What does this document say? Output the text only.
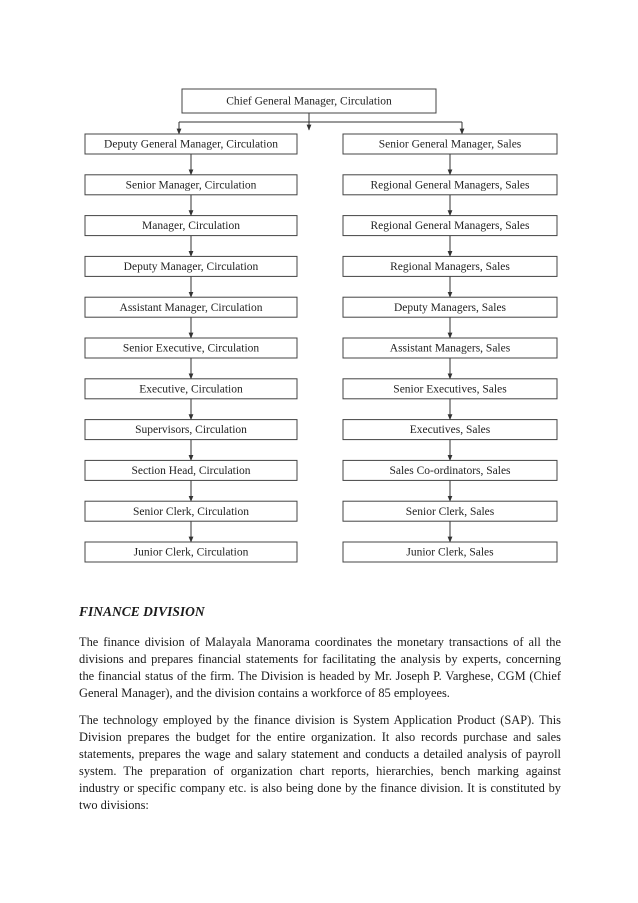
Chief General Manager, Circulation
Deputy General Manager, Circulation
Senior Manager, Circulation
Manager, Circulation
Deputy Manager, Circulation
Assistant Manager, Circulation
Senior Executive, Circulation
Executive, Circulation
Supervisors, Circulation
Section Head, Circulation
Senior Clerk, Circulation
Junior Clerk, Circulation
Senior General Manager, Sales
Regional General Managers, Sales
Regional General Managers, Sales
Regional Managers, Sales
Deputy Managers, Sales
Assistant Managers, Sales
Senior Executives, Sales
Executives, Sales
Sales Co-ordinators, Sales
Senior Clerk, Sales
Junior Clerk, Sales
FINANCE DIVISION

The finance division of Malayala Manorama coordinates the monetary transactions of all the divisions and prepares financial statements for facilitating the analysis by experts, concerning the financial status of the firm. The Division is headed by Mr. Joseph P. Varghese, CGM (Chief General Manager), and the division contains a workforce of 85 employees.

The technology employed by the finance division is System Application Product (SAP). This Division prepares the budget for the entire organization. It also records purchase and sales statements, prepares the wage and salary statement and conducts a detailed analysis of payroll system. The preparation of organization chart reports, hierarchies, bench marking against industry or specific company etc. is also being done by the finance division. It is constituted by two divisions:
